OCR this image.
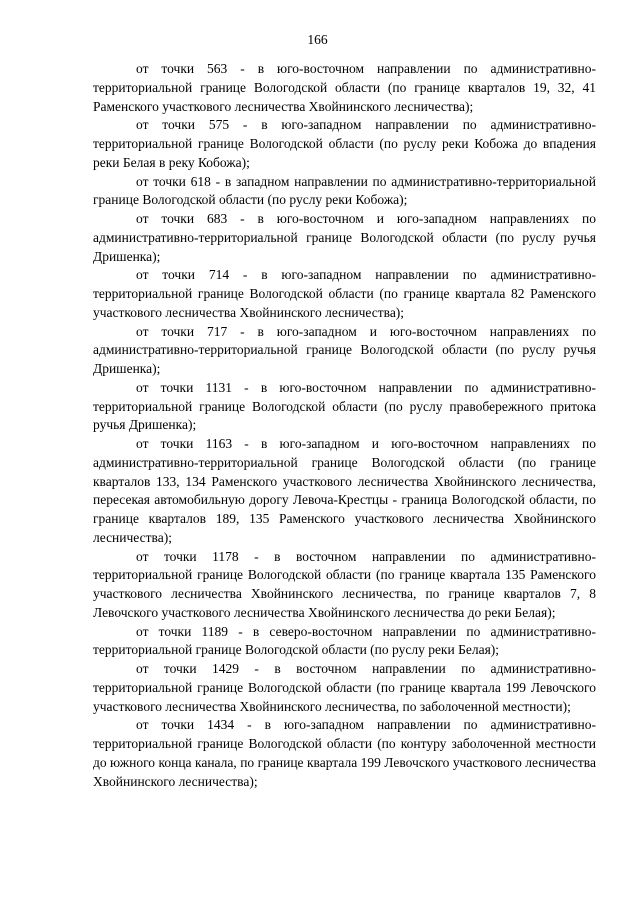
166

от точки 563 - в юго-восточном направлении по административно-территориальной границе Вологодской области (по границе кварталов 19, 32, 41 Раменского участкового лесничества Хвойнинского лесничества);

от точки 575 - в юго-западном направлении по административно-территориальной границе Вологодской области (по руслу реки Кобожа до впадения реки Белая в реку Кобожа);

от точки 618 - в западном направлении по административно-территориальной границе Вологодской области (по руслу реки Кобожа);

от точки 683 - в юго-восточном и юго-западном направлениях по административно-территориальной границе Вологодской области (по руслу ручья Дришенка);

от точки 714 - в юго-западном направлении по административно-территориальной границе Вологодской области (по границе квартала 82 Раменского участкового лесничества Хвойнинского лесничества);

от точки 717 - в юго-западном и юго-восточном направлениях по административно-территориальной границе Вологодской области (по руслу ручья Дришенка);

от точки 1131 - в юго-восточном направлении по административно-территориальной границе Вологодской области (по руслу правобережного притока ручья Дришенка);

от точки 1163 - в юго-западном и юго-восточном направлениях по административно-территориальной границе Вологодской области (по границе кварталов 133, 134 Раменского участкового лесничества Хвойнинского лесничества, пересекая автомобильную дорогу Левоча-Крестцы - граница Вологодской области, по границе кварталов 189, 135 Раменского участкового лесничества Хвойнинского лесничества);

от точки 1178 - в восточном направлении по административно-территориальной границе Вологодской области (по границе квартала 135 Раменского участкового лесничества Хвойнинского лесничества, по границе кварталов 7, 8 Левочского участкового лесничества Хвойнинского лесничества до реки Белая);

от точки 1189 - в северо-восточном направлении по административно-территориальной границе Вологодской области (по руслу реки Белая);

от точки 1429 - в восточном направлении по административно-территориальной границе Вологодской области (по границе квартала 199 Левочского участкового лесничества Хвойнинского лесничества, по заболоченной местности);

от точки 1434 - в юго-западном направлении по административно-территориальной границе Вологодской области (по контуру заболоченной местности до южного конца канала, по границе квартала 199 Левочского участкового лесничества Хвойнинского лесничества);
